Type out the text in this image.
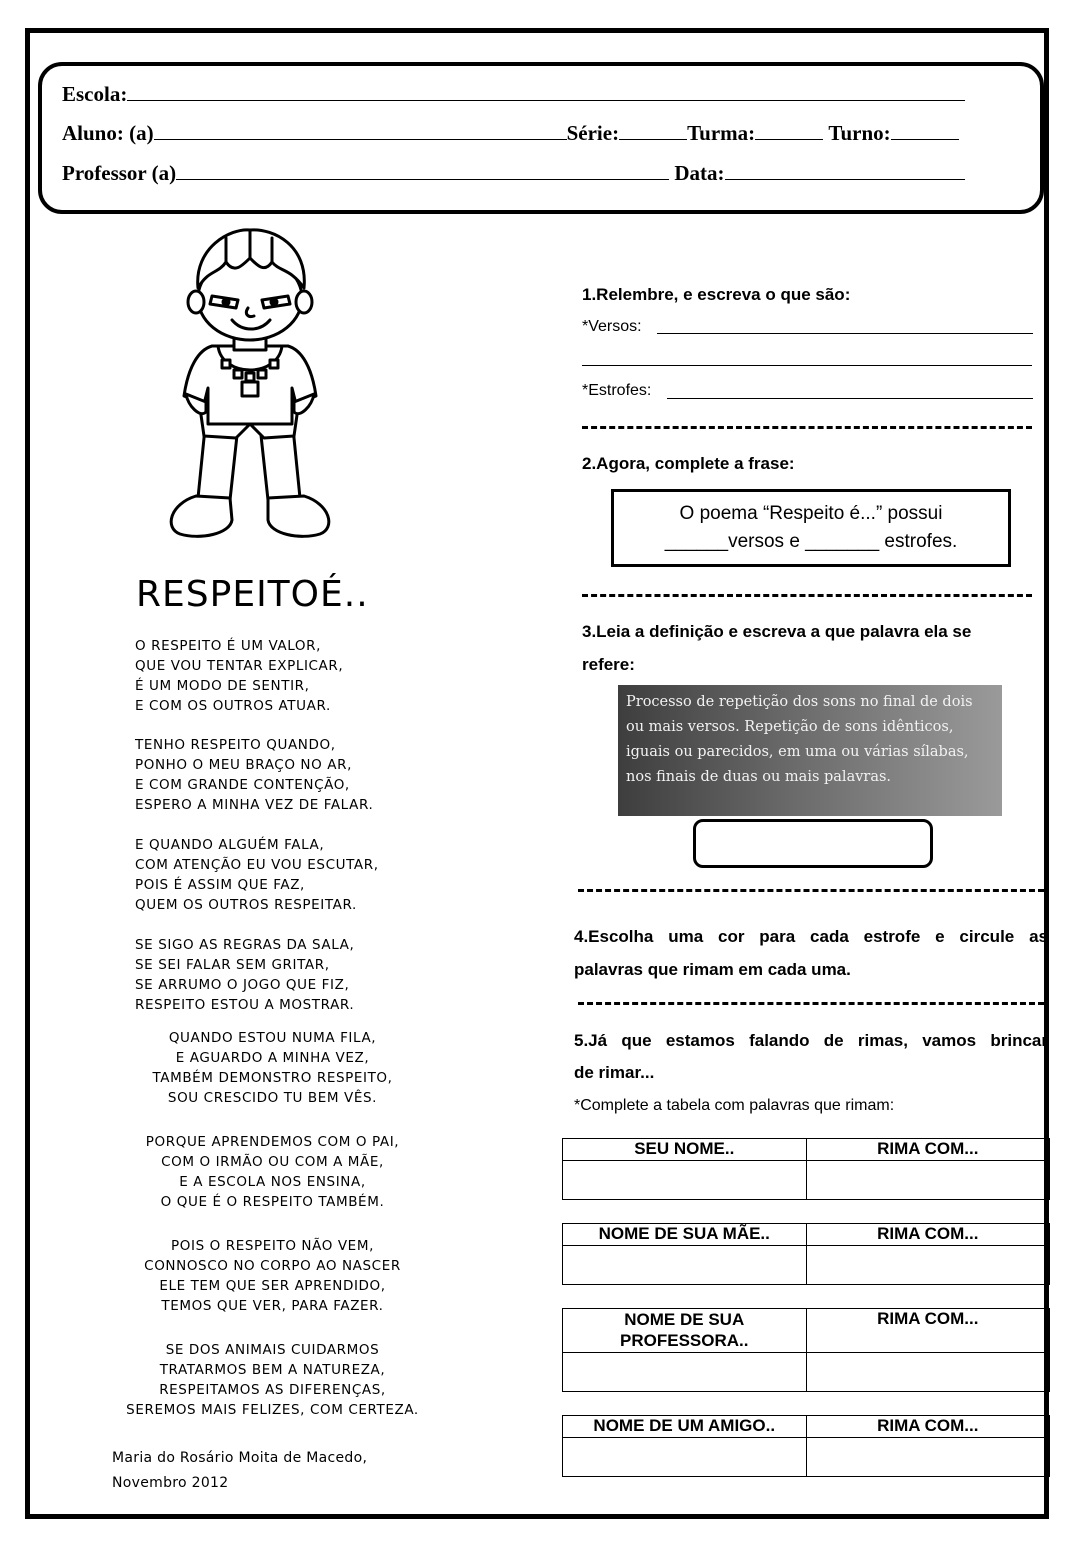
Escola:
Aluno: (a)	Série:	Turma:	Turno:
Professor (a)	Data:
RESPEITOÉ..
O RESPEITO É UM VALOR,
QUE VOU TENTAR EXPLICAR,
É UM MODO DE SENTIR,
E COM OS OUTROS ATUAR.
TENHO RESPEITO QUANDO,
PONHO O MEU BRAÇO NO AR,
E COM GRANDE CONTENÇÃO,
ESPERO A MINHA VEZ DE FALAR.
E QUANDO ALGUÉM FALA,
COM ATENÇÃO EU VOU ESCUTAR,
POIS É ASSIM QUE FAZ,
QUEM OS OUTROS RESPEITAR.
SE SIGO AS REGRAS DA SALA,
SE SEI FALAR SEM GRITAR,
SE ARRUMO O JOGO QUE FIZ,
RESPEITO ESTOU A MOSTRAR.
QUANDO ESTOU NUMA FILA,
E AGUARDO A MINHA VEZ,
TAMBÉM DEMONSTRO RESPEITO,
SOU CRESCIDO TU BEM VÊS.
PORQUE APRENDEMOS COM O PAI,
COM O IRMÃO OU COM A MÃE,
E A ESCOLA NOS ENSINA,
O QUE É O RESPEITO TAMBÉM.
POIS O RESPEITO NÃO VEM,
CONNOSCO NO CORPO AO NASCER
ELE TEM QUE SER APRENDIDO,
TEMOS QUE VER, PARA FAZER.
SE DOS ANIMAIS CUIDARMOS
TRATARMOS BEM A NATUREZA,
RESPEITAMOS AS DIFERENÇAS,
SEREMOS MAIS FELIZES, COM CERTEZA.
Maria do Rosário Moita de Macedo,
Novembro 2012
1.Relembre, e escreva o que são:
*Versos:
*Estrofes:
2.Agora, complete a frase:
O poema “Respeito é...” possui
______versos e _______ estrofes.
3.Leia a definição e escreva a que palavra ela se
refere:
Processo de repetição dos sons no final de dois ou mais versos. Repetição de sons idênticos, iguais ou parecidos, em uma ou várias sílabas, nos finais de duas ou mais palavras.
4.Escolha uma cor para cada estrofe e circule as
palavras que rimam em cada uma.
5.Já que estamos falando de rimas, vamos brincar
de rimar...
*Complete a tabela com palavras que rimam:
SEU NOME..	RIMA COM...

NOME DE SUA MÃE..	RIMA COM...

NOME DE SUA PROFESSORA..	RIMA COM...

NOME DE UM AMIGO..	RIMA COM...
